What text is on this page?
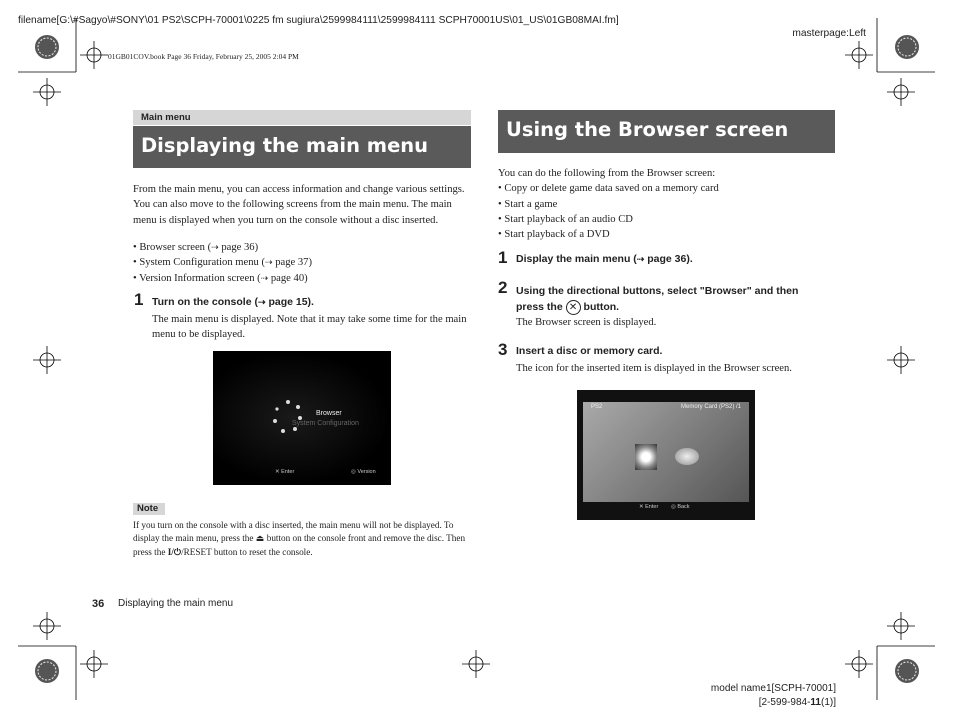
filename[G:\#Sagyo\#SONY\01 PS2\SCPH-70001\0225 fm sugiura\2599984111\2599984111 SCPH70001US\01_US\01GB08MAI.fm]
masterpage:Left
01GB01COV.book Page 36 Friday, February 25, 2005 2:04 PM
Main menu
Displaying the main menu
From the main menu, you can access information and change various settings. You can also move to the following screens from the main menu. The main menu is displayed when you turn on the console without a disc inserted.
• Browser screen (⇢ page 36)
• System Configuration menu (⇢ page 37)
• Version Information screen (⇢ page 40)
1 Turn on the console (⇢ page 15).
The main menu is displayed. Note that it may take some time for the main menu to be displayed.
Browser
System Configuration
✕ Enter	◎ Version
Note
If you turn on the console with a disc inserted, the main menu will not be displayed. To display the main menu, press the ⏏ button on the console front and remove the disc. Then press the I/⏻/RESET button to reset the console.
Using the Browser screen
You can do the following from the Browser screen:
• Copy or delete game data saved on a memory card
• Start a game
• Start playback of an audio CD
• Start playback of a DVD
1 Display the main menu (⇢ page 36).
2 Using the directional buttons, select "Browser" and then
press the ✕ button.
The Browser screen is displayed.
3 Insert a disc or memory card.
The icon for the inserted item is displayed in the Browser screen.
PS2	Memory Card (PS2) /1
✕ Enter ◎ Back
36 Displaying the main menu
model name1[SCPH-70001]
[2-599-984-11(1)]
